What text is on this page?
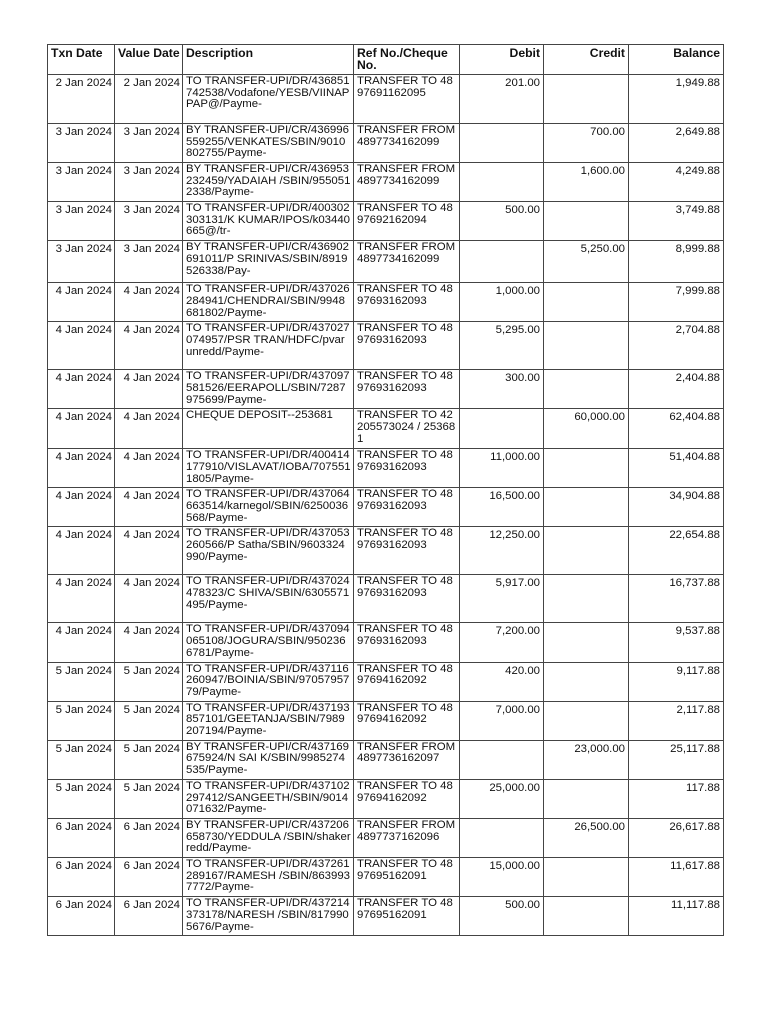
Txn Date	Value Date	Description	Ref No./Cheque No.	Debit	Credit	Balance

2 Jan 2024	2 Jan 2024	TO TRANSFER-UPI/DR/436851742538/Vodafone/YESB/VIINAPPAP@/Payme-	TRANSFER TO 4897691162095	201.00		1,949.88

3 Jan 2024	3 Jan 2024	BY TRANSFER-UPI/CR/436996559255/VENKATES/SBIN/9010802755/Payme-	TRANSFER FROM 4897734162099		700.00	2,649.88

3 Jan 2024	3 Jan 2024	BY TRANSFER-UPI/CR/436953232459/YADAIAH /SBIN/9550512338/Payme-	TRANSFER FROM 4897734162099		1,600.00	4,249.88

3 Jan 2024	3 Jan 2024	TO TRANSFER-UPI/DR/400302303131/K KUMAR/IPOS/k03440665@/tr-	TRANSFER TO 4897692162094	500.00		3,749.88

3 Jan 2024	3 Jan 2024	BY TRANSFER-UPI/CR/436902691011/P SRINIVAS/SBIN/8919526338/Pay-	TRANSFER FROM 4897734162099		5,250.00	8,999.88

4 Jan 2024	4 Jan 2024	TO TRANSFER-UPI/DR/437026284941/CHENDRAI/SBIN/9948681802/Payme-	TRANSFER TO 4897693162093	1,000.00		7,999.88

4 Jan 2024	4 Jan 2024	TO TRANSFER-UPI/DR/437027074957/PSR TRAN/HDFC/pvarunredd/Payme-	TRANSFER TO 4897693162093	5,295.00		2,704.88

4 Jan 2024	4 Jan 2024	TO TRANSFER-UPI/DR/437097581526/EERAPOLL/SBIN/7287975699/Payme-	TRANSFER TO 4897693162093	300.00		2,404.88

4 Jan 2024	4 Jan 2024	CHEQUE DEPOSIT--253681	TRANSFER TO 42205573024 / 253681		60,000.00	62,404.88

4 Jan 2024	4 Jan 2024	TO TRANSFER-UPI/DR/400414177910/VISLAVAT/IOBA/7075511805/Payme-	TRANSFER TO 4897693162093	11,000.00		51,404.88

4 Jan 2024	4 Jan 2024	TO TRANSFER-UPI/DR/437064663514/karnegol/SBIN/6250036568/Payme-	TRANSFER TO 4897693162093	16,500.00		34,904.88

4 Jan 2024	4 Jan 2024	TO TRANSFER-UPI/DR/437053260566/P Satha/SBIN/9603324990/Payme-	TRANSFER TO 4897693162093	12,250.00		22,654.88

4 Jan 2024	4 Jan 2024	TO TRANSFER-UPI/DR/437024478323/C SHIVA/SBIN/6305571495/Payme-	TRANSFER TO 4897693162093	5,917.00		16,737.88

4 Jan 2024	4 Jan 2024	TO TRANSFER-UPI/DR/437094065108/JOGURA/SBIN/9502366781/Payme-	TRANSFER TO 4897693162093	7,200.00		9,537.88

5 Jan 2024	5 Jan 2024	TO TRANSFER-UPI/DR/437116260947/BOINIA/SBIN/9705795779/Payme-	TRANSFER TO 4897694162092	420.00		9,117.88

5 Jan 2024	5 Jan 2024	TO TRANSFER-UPI/DR/437193857101/GEETANJA/SBIN/7989207194/Payme-	TRANSFER TO 4897694162092	7,000.00		2,117.88

5 Jan 2024	5 Jan 2024	BY TRANSFER-UPI/CR/437169675924/N SAI K/SBIN/9985274535/Payme-	TRANSFER FROM 4897736162097		23,000.00	25,117.88

5 Jan 2024	5 Jan 2024	TO TRANSFER-UPI/DR/437102297412/SANGEETH/SBIN/9014071632/Payme-	TRANSFER TO 4897694162092	25,000.00		117.88

6 Jan 2024	6 Jan 2024	BY TRANSFER-UPI/CR/437206658730/YEDDULA /SBIN/shakerredd/Payme-	TRANSFER FROM 4897737162096		26,500.00	26,617.88

6 Jan 2024	6 Jan 2024	TO TRANSFER-UPI/DR/437261289167/RAMESH /SBIN/8639937772/Payme-	TRANSFER TO 4897695162091	15,000.00		11,617.88

6 Jan 2024	6 Jan 2024	TO TRANSFER-UPI/DR/437214373178/NARESH /SBIN/8179905676/Payme-	TRANSFER TO 4897695162091	500.00		11,117.88
